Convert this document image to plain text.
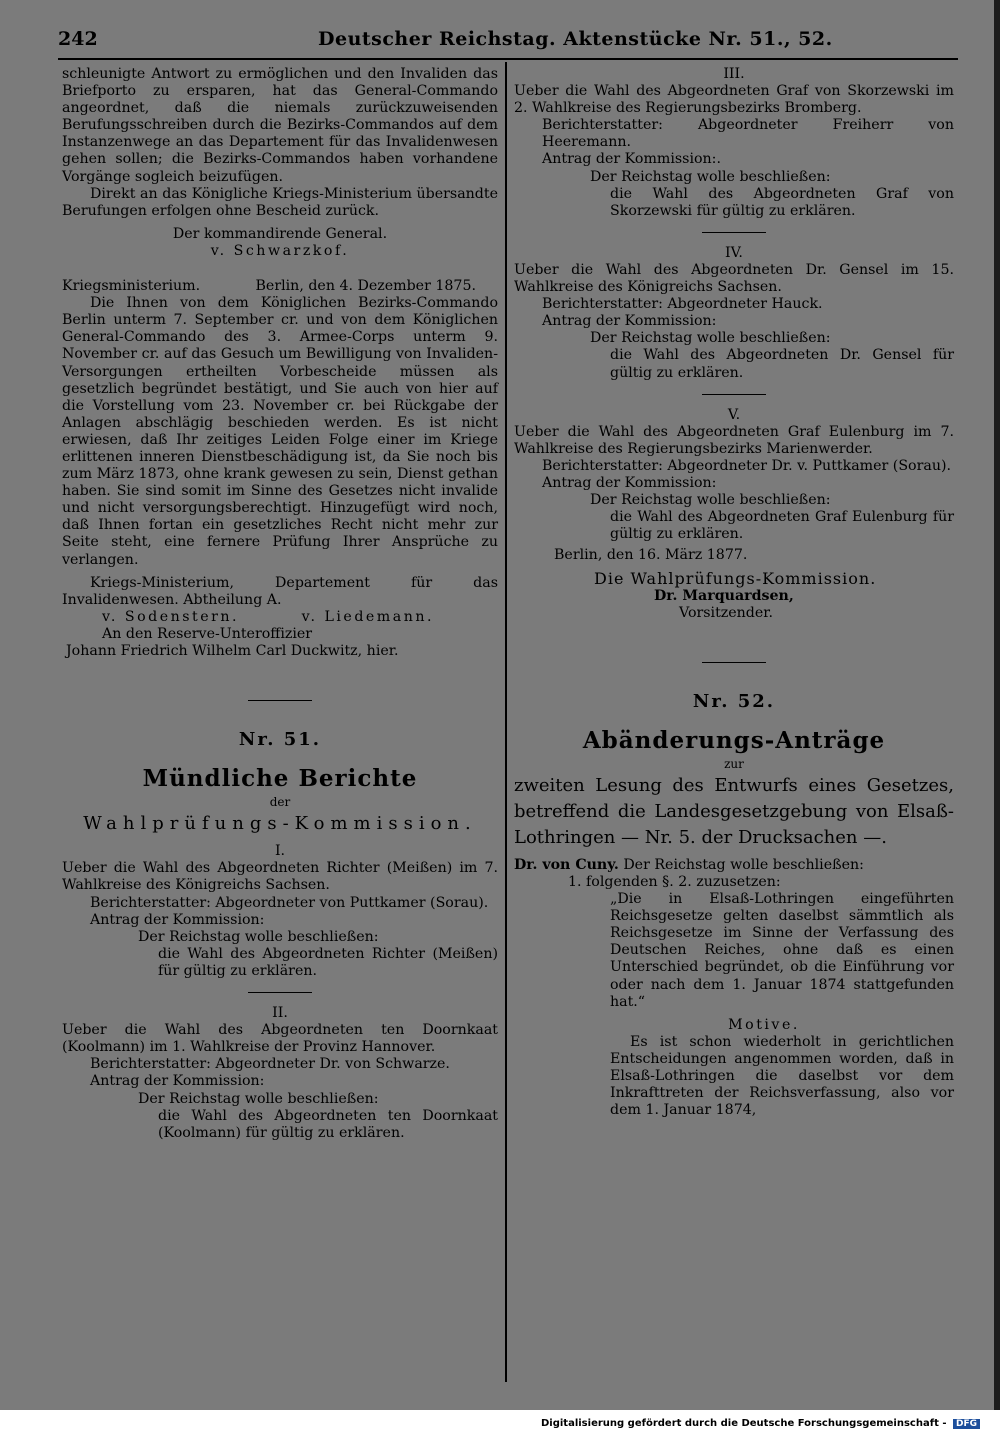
242	Deutscher Reichstag. Aktenstücke Nr. 51., 52.

schleunigte Antwort zu ermöglichen und den Invaliden das Briefporto zu ersparen, hat das General-Commando angeordnet, daß die niemals zurückzuweisenden Berufungsschreiben durch die Bezirks-Commandos auf dem Instanzenwege an das Departement für das Invalidenwesen gehen sollen; die Bezirks-Commandos haben vorhandene Vorgänge sogleich beizufügen.

Direkt an das Königliche Kriegs-Ministerium übersandte Berufungen erfolgen ohne Bescheid zurück.

Der kommandirende General.

v. Schwarzkof.

Kriegsministerium.	Berlin, den 4. Dezember 1875.

Die Ihnen von dem Königlichen Bezirks-Commando Berlin unterm 7. September cr. und von dem Königlichen General-Commando des 3. Armee-Corps unterm 9. November cr. auf das Gesuch um Bewilligung von Invaliden-Versorgungen ertheilten Vorbescheide müssen als gesetzlich begründet bestätigt, und Sie auch von hier auf die Vorstellung vom 23. November cr. bei Rückgabe der Anlagen abschlägig beschieden werden. Es ist nicht erwiesen, daß Ihr zeitiges Leiden Folge einer im Kriege erlittenen inneren Dienstbeschädigung ist, da Sie noch bis zum März 1873, ohne krank gewesen zu sein, Dienst gethan haben. Sie sind somit im Sinne des Gesetzes nicht invalide und nicht versorgungsberechtigt. Hinzugefügt wird noch, daß Ihnen fortan ein gesetzliches Recht nicht mehr zur Seite steht, eine fernere Prüfung Ihrer Ansprüche zu verlangen.

Kriegs-Ministerium, Departement für das Invalidenwesen. Abtheilung A.

v. Sodenstern.	v. Liedemann.

An den Reserve-Unteroffizier

Johann Friedrich Wilhelm Carl Duckwitz, hier.

Nr. 51.

Mündliche Berichte

der

Wahlprüfungs-Kommission.

I.

Ueber die Wahl des Abgeordneten Richter (Meißen) im 7. Wahlkreise des Königreichs Sachsen.

Berichterstatter: Abgeordneter von Puttkamer (Sorau).

Antrag der Kommission:

Der Reichstag wolle beschließen:

die Wahl des Abgeordneten Richter (Meißen) für gültig zu erklären.

II.

Ueber die Wahl des Abgeordneten ten Doornkaat (Koolmann) im 1. Wahlkreise der Provinz Hannover.

Berichterstatter: Abgeordneter Dr. von Schwarze.

Antrag der Kommission:

Der Reichstag wolle beschließen:

die Wahl des Abgeordneten ten Doornkaat (Koolmann) für gültig zu erklären.

III.

Ueber die Wahl des Abgeordneten Graf von Skorzewski im 2. Wahlkreise des Regierungsbezirks Bromberg.

Berichterstatter: Abgeordneter Freiherr von Heeremann.

Antrag der Kommission:.

Der Reichstag wolle beschließen:

die Wahl des Abgeordneten Graf von Skorzewski für gültig zu erklären.

IV.

Ueber die Wahl des Abgeordneten Dr. Gensel im 15. Wahlkreise des Königreichs Sachsen.

Berichterstatter: Abgeordneter Hauck.

Antrag der Kommission:

Der Reichstag wolle beschließen:

die Wahl des Abgeordneten Dr. Gensel für gültig zu erklären.

V.

Ueber die Wahl des Abgeordneten Graf Eulenburg im 7. Wahlkreise des Regierungsbezirks Marienwerder.

Berichterstatter: Abgeordneter Dr. v. Puttkamer (Sorau).

Antrag der Kommission:

Der Reichstag wolle beschließen:

die Wahl des Abgeordneten Graf Eulenburg für gültig zu erklären.

Berlin, den 16. März 1877.

Die Wahlprüfungs-Kommission.

Dr. Marquardsen,

Vorsitzender.

Nr. 52.

Abänderungs-Anträge

zur

zweiten Lesung des Entwurfs eines Gesetzes, betreffend die Landesgesetzgebung von Elsaß-Lothringen — Nr. 5. der Drucksachen —.

Dr. von Cuny. Der Reichstag wolle beschließen:

1. folgenden §. 2. zuzusetzen:

„Die in Elsaß-Lothringen eingeführten Reichsgesetze gelten daselbst sämmtlich als Reichsgesetze im Sinne der Verfassung des Deutschen Reiches, ohne daß es einen Unterschied begründet, ob die Einführung vor oder nach dem 1. Januar 1874 stattgefunden hat.“

Motive.

Es ist schon wiederholt in gerichtlichen Entscheidungen angenommen worden, daß in Elsaß-Lothringen die daselbst vor dem Inkrafttreten der Reichsverfassung, also vor dem 1. Januar 1874,

Digitalisierung gefördert durch die Deutsche Forschungsgemeinschaft - DFG
